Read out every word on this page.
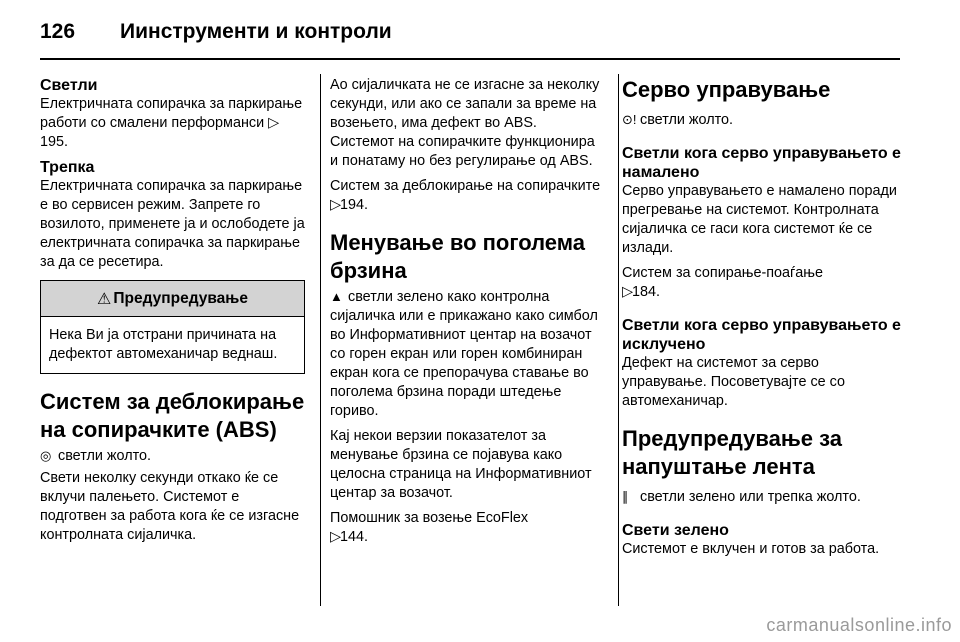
126	Иинструменти и контроли
Светли
Електричната сопирачка за паркирање работи со смалени перформанси ▷195.
Трепка
Електричната сопирачка за паркирање е во сервисен режим. Запрете го возилото, применете ја и ослободете ја електричната сопирачка за паркирање за да се ресетира.
⚠ Предупредување
Нека Ви ја отстрани причината на дефектот автомеханичар веднаш.
Систем за деблокирање на сопирачките (ABS)
◎ светли жолто.
Свети неколку секунди откако ќе се вклучи палењето. Системот е подготвен за работа кога ќе се изгасне контролната сијаличка.
Ао сијаличката не се изгасне за неколку секунди, или ако се запали за време на возењето, има дефект во ABS. Системот на сопирачките функционира и понатаму но без регулирање од ABS.
Систем за деблокирање на сопирачките ▷194.
Менување во поголема брзина
▲ светли зелено како контролна сијаличка или е прикажано како симбол во Информативниот центар на возачот со горен екран или горен комбиниран екран кога се препорачува ставање во поголема брзина поради штедење гориво.
Кај некои верзии показателот за менување брзина се појавува како целосна страница на Информативниот центар за возачот.
Помошник за возење EcoFlex
▷144.
Серво управување
⊙! светли жолто.
Светли кога серво управувањето е намалено
Серво управувањето е намалено поради прегревање на системот. Контролната сијаличка се гаси кога системот ќе се излади.
Систем за сопирање-поаѓање
▷184.
Светли кога серво управувањето е исклучено
Дефект на системот за серво управување. Посоветувајте се со автомеханичар.
Предупредување за напуштање лента
∥ светли зелено или трепка жолто.
Свети зелено
Системот е вклучен и готов за работа.
carmanualsonline.info
